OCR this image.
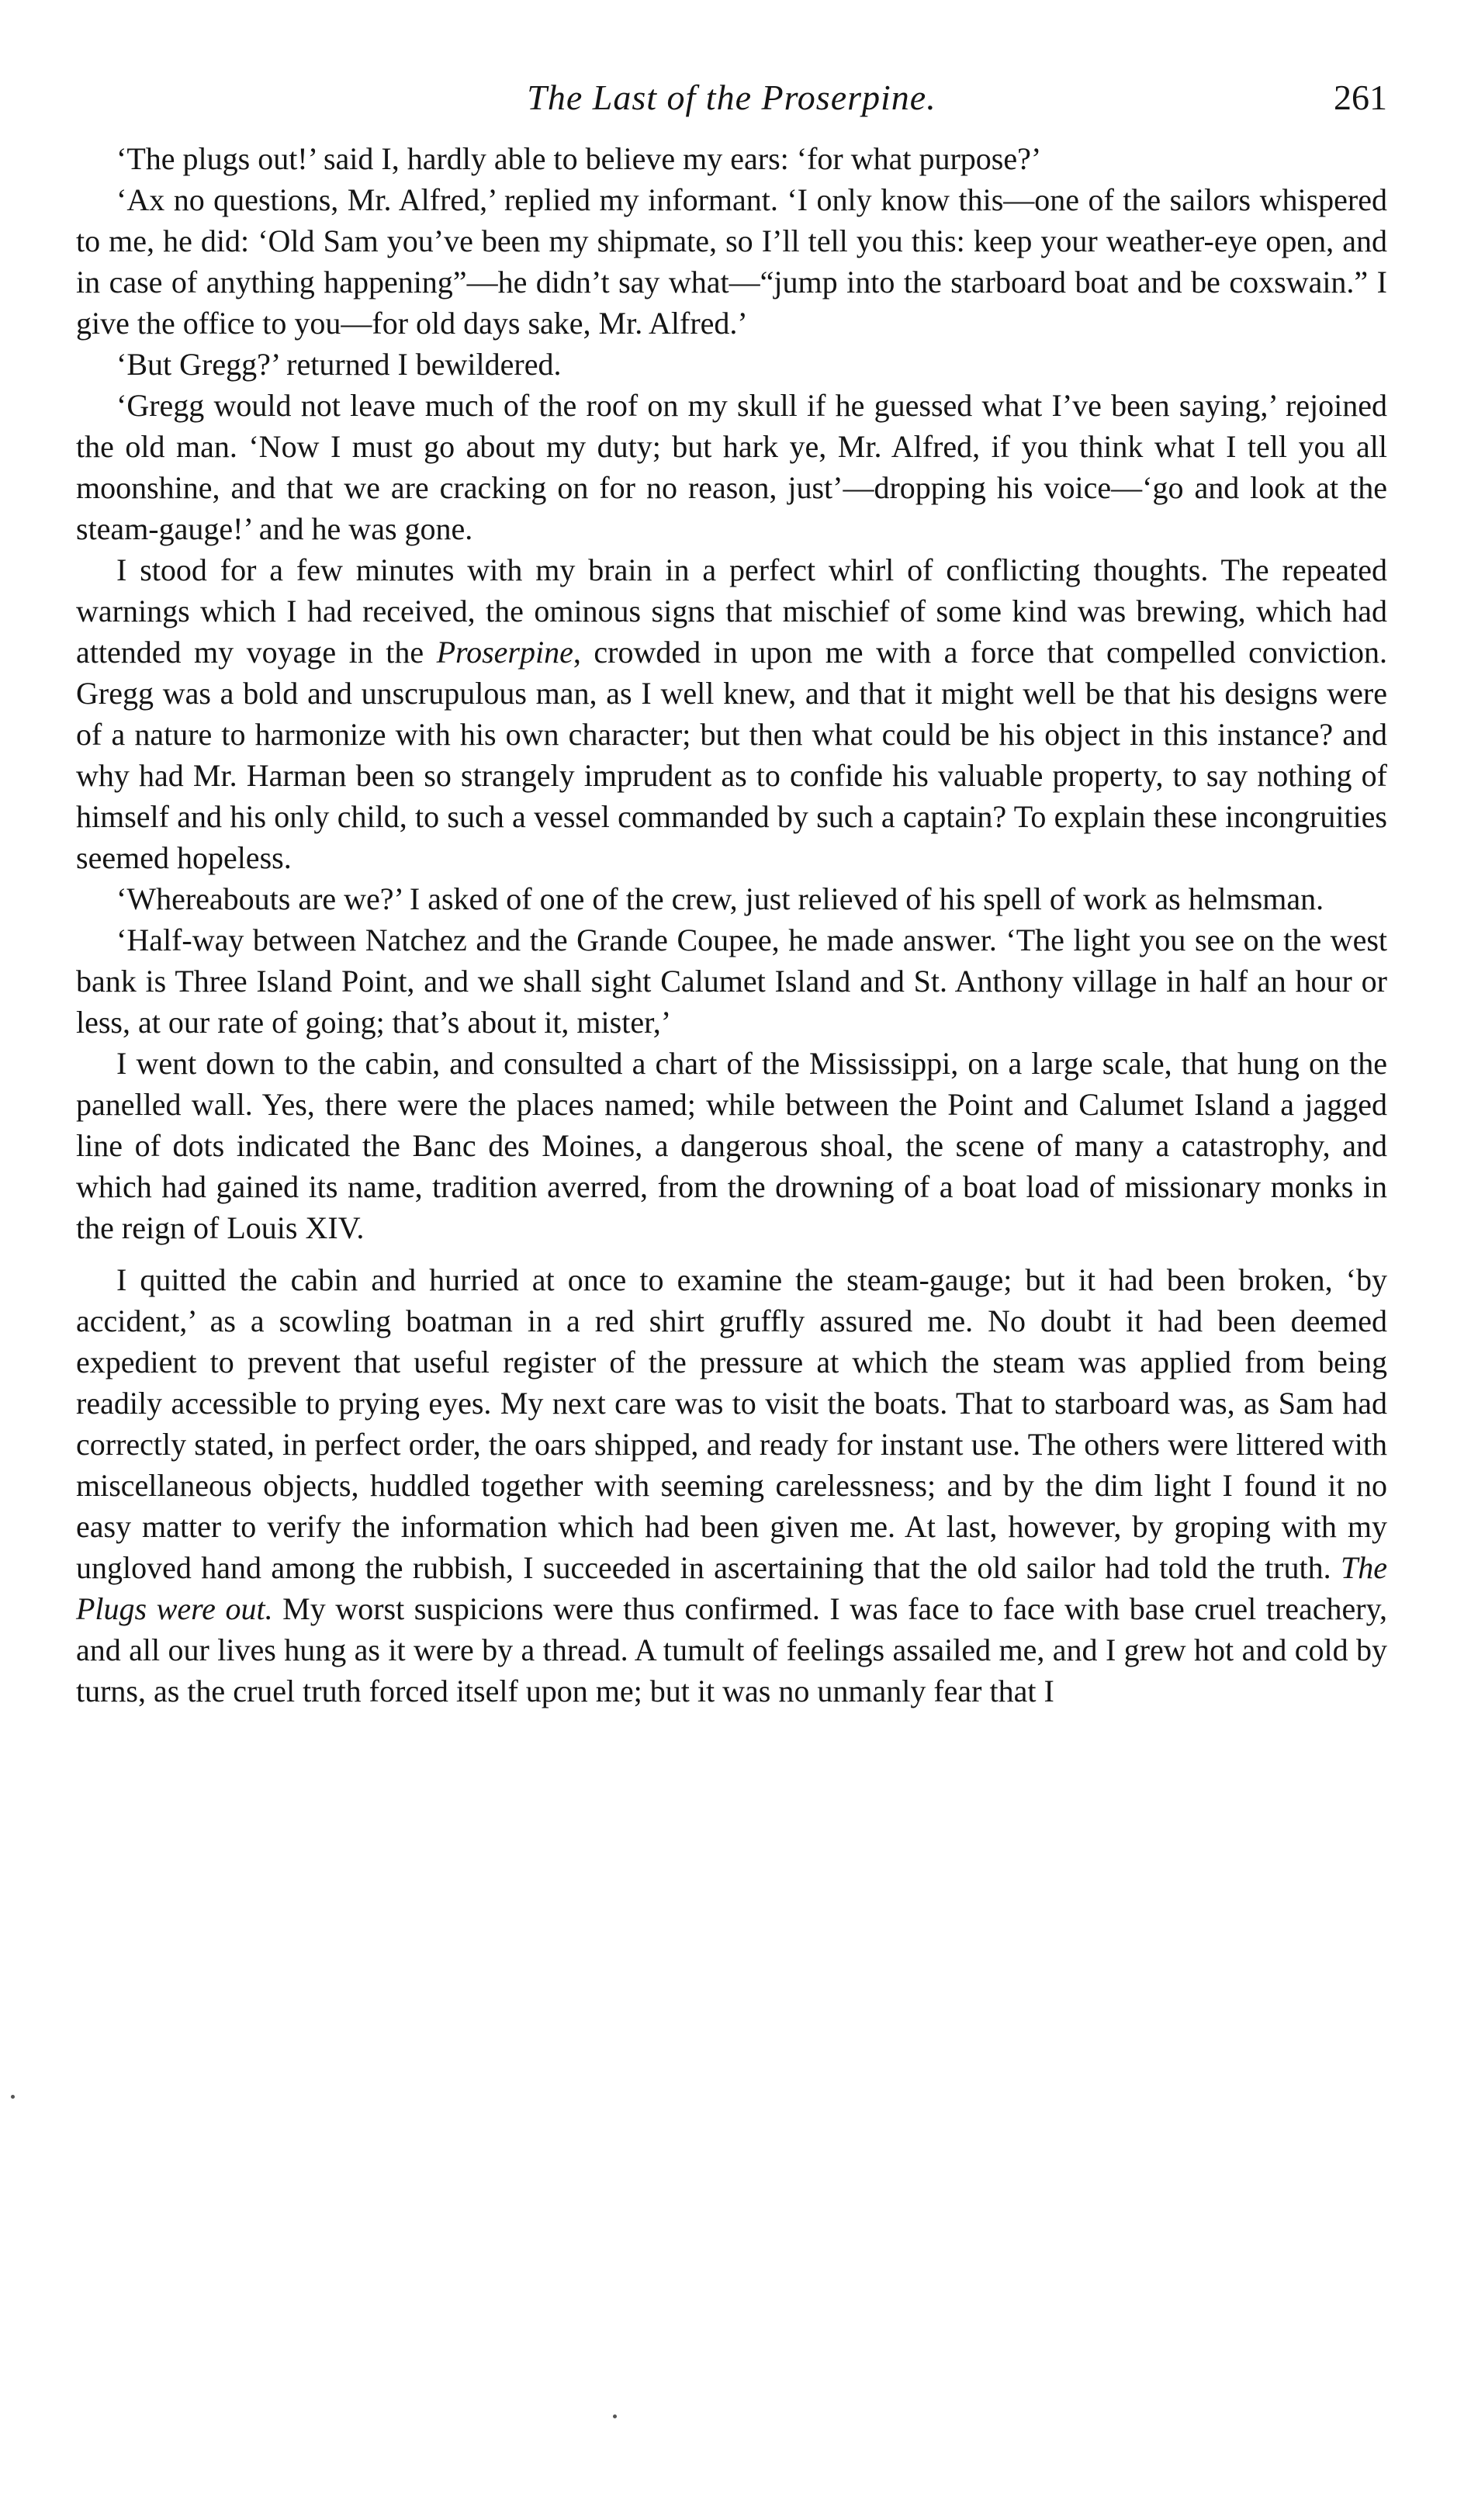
The Last of the Proserpine.	261

‘The plugs out!’ said I, hardly able to believe my ears: ‘for what purpose?’

‘Ax no questions, Mr. Alfred,’ replied my informant. ‘I only know this—one of the sailors whispered to me, he did: ‘Old Sam you’ve been my shipmate, so I’ll tell you this: keep your weather-eye open, and in case of anything happening”—he didn’t say what—“jump into the starboard boat and be coxswain.” I give the office to you—for old days sake, Mr. Alfred.’

‘But Gregg?’ returned I bewildered.

‘Gregg would not leave much of the roof on my skull if he guessed what I’ve been saying,’ rejoined the old man. ‘Now I must go about my duty; but hark ye, Mr. Alfred, if you think what I tell you all moonshine, and that we are cracking on for no reason, just’—dropping his voice—‘go and look at the steam-gauge!’ and he was gone.

I stood for a few minutes with my brain in a perfect whirl of conflicting thoughts. The repeated warnings which I had received, the ominous signs that mischief of some kind was brewing, which had attended my voyage in the Proserpine, crowded in upon me with a force that compelled conviction. Gregg was a bold and unscrupulous man, as I well knew, and that it might well be that his designs were of a nature to harmonize with his own character; but then what could be his object in this instance? and why had Mr. Harman been so strangely imprudent as to confide his valuable property, to say nothing of himself and his only child, to such a vessel commanded by such a captain? To explain these incongruities seemed hopeless.

‘Whereabouts are we?’ I asked of one of the crew, just relieved of his spell of work as helmsman.

‘Half-way between Natchez and the Grande Coupee, he made answer. ‘The light you see on the west bank is Three Island Point, and we shall sight Calumet Island and St. Anthony village in half an hour or less, at our rate of going; that’s about it, mister,’

I went down to the cabin, and consulted a chart of the Mississippi, on a large scale, that hung on the panelled wall. Yes, there were the places named; while between the Point and Calumet Island a jagged line of dots indicated the Banc des Moines, a dangerous shoal, the scene of many a catastrophy, and which had gained its name, tradition averred, from the drowning of a boat load of missionary monks in the reign of Louis XIV.

I quitted the cabin and hurried at once to examine the steam-gauge; but it had been broken, ‘by accident,’ as a scowling boatman in a red shirt gruffly assured me. No doubt it had been deemed expedient to prevent that useful register of the pressure at which the steam was applied from being readily accessible to prying eyes. My next care was to visit the boats. That to starboard was, as Sam had correctly stated, in perfect order, the oars shipped, and ready for instant use. The others were littered with miscellaneous objects, huddled together with seeming carelessness; and by the dim light I found it no easy matter to verify the information which had been given me. At last, however, by groping with my ungloved hand among the rubbish, I succeeded in ascertaining that the old sailor had told the truth. The Plugs were out. My worst suspicions were thus confirmed. I was face to face with base cruel treachery, and all our lives hung as it were by a thread. A tumult of feelings assailed me, and I grew hot and cold by turns, as the cruel truth forced itself upon me; but it was no unmanly fear that I
